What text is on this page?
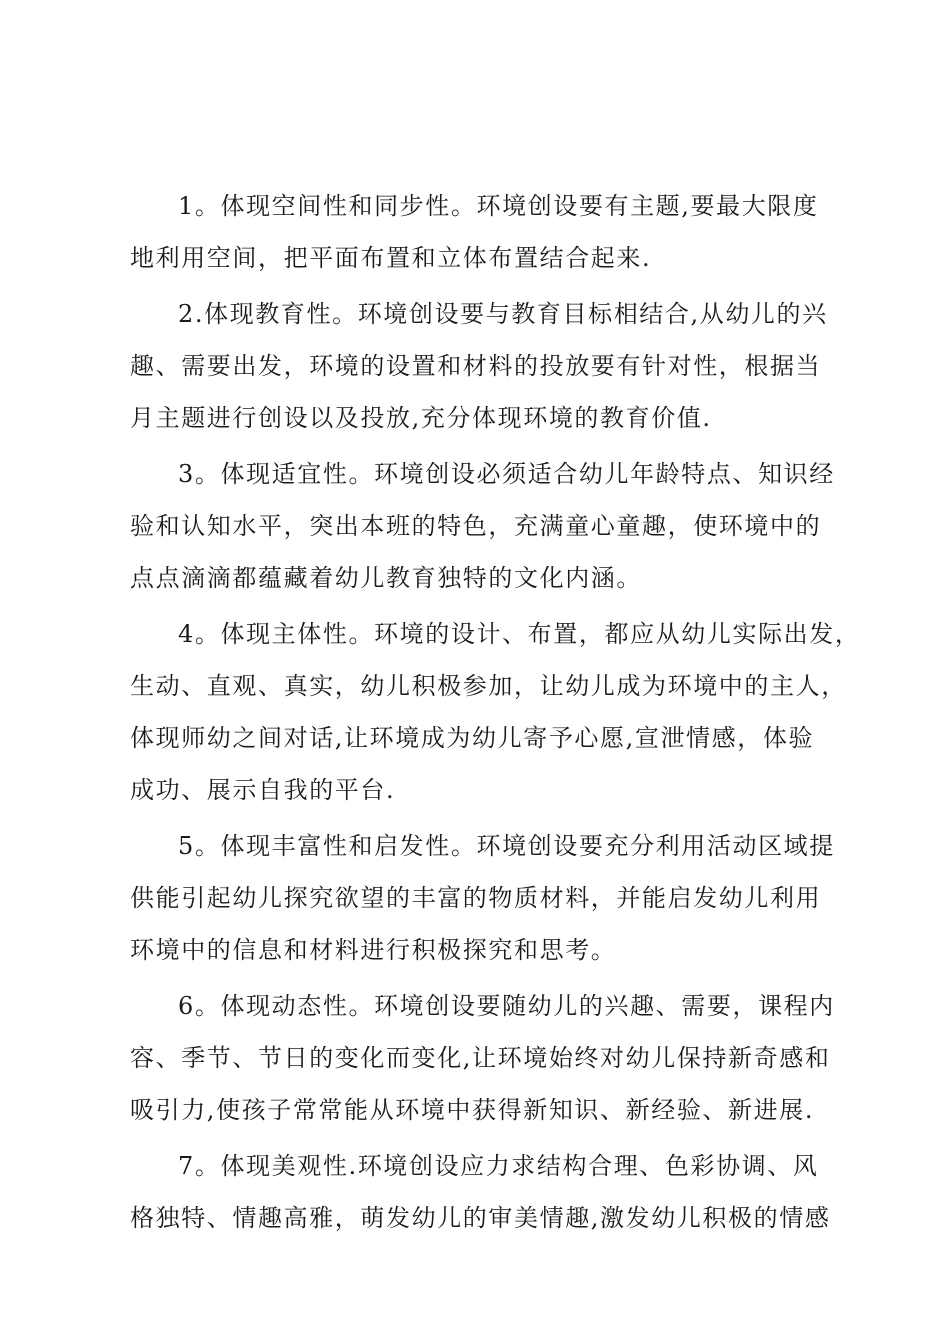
1。体现空间性和同步性。环境创设要有主题,要最大限度
地利用空间，把平面布置和立体布置结合起来.
2.体现教育性。环境创设要与教育目标相结合,从幼儿的兴
趣、需要出发，环境的设置和材料的投放要有针对性，根据当
月主题进行创设以及投放,充分体现环境的教育价值.
3。体现适宜性。环境创设必须适合幼儿年龄特点、知识经
验和认知水平，突出本班的特色，充满童心童趣，使环境中的
点点滴滴都蕴藏着幼儿教育独特的文化内涵。
4。体现主体性。环境的设计、布置，都应从幼儿实际出发，
生动、直观、真实，幼儿积极参加，让幼儿成为环境中的主人，
体现师幼之间对话,让环境成为幼儿寄予心愿,宣泄情感，体验
成功、展示自我的平台.
5。体现丰富性和启发性。环境创设要充分利用活动区域提
供能引起幼儿探究欲望的丰富的物质材料，并能启发幼儿利用
环境中的信息和材料进行积极探究和思考。
6。体现动态性。环境创设要随幼儿的兴趣、需要，课程内
容、季节、节日的变化而变化,让环境始终对幼儿保持新奇感和
吸引力,使孩子常常能从环境中获得新知识、新经验、新进展.
7。体现美观性.环境创设应力求结构合理、色彩协调、风
格独特、情趣高雅，萌发幼儿的审美情趣,激发幼儿积极的情感
